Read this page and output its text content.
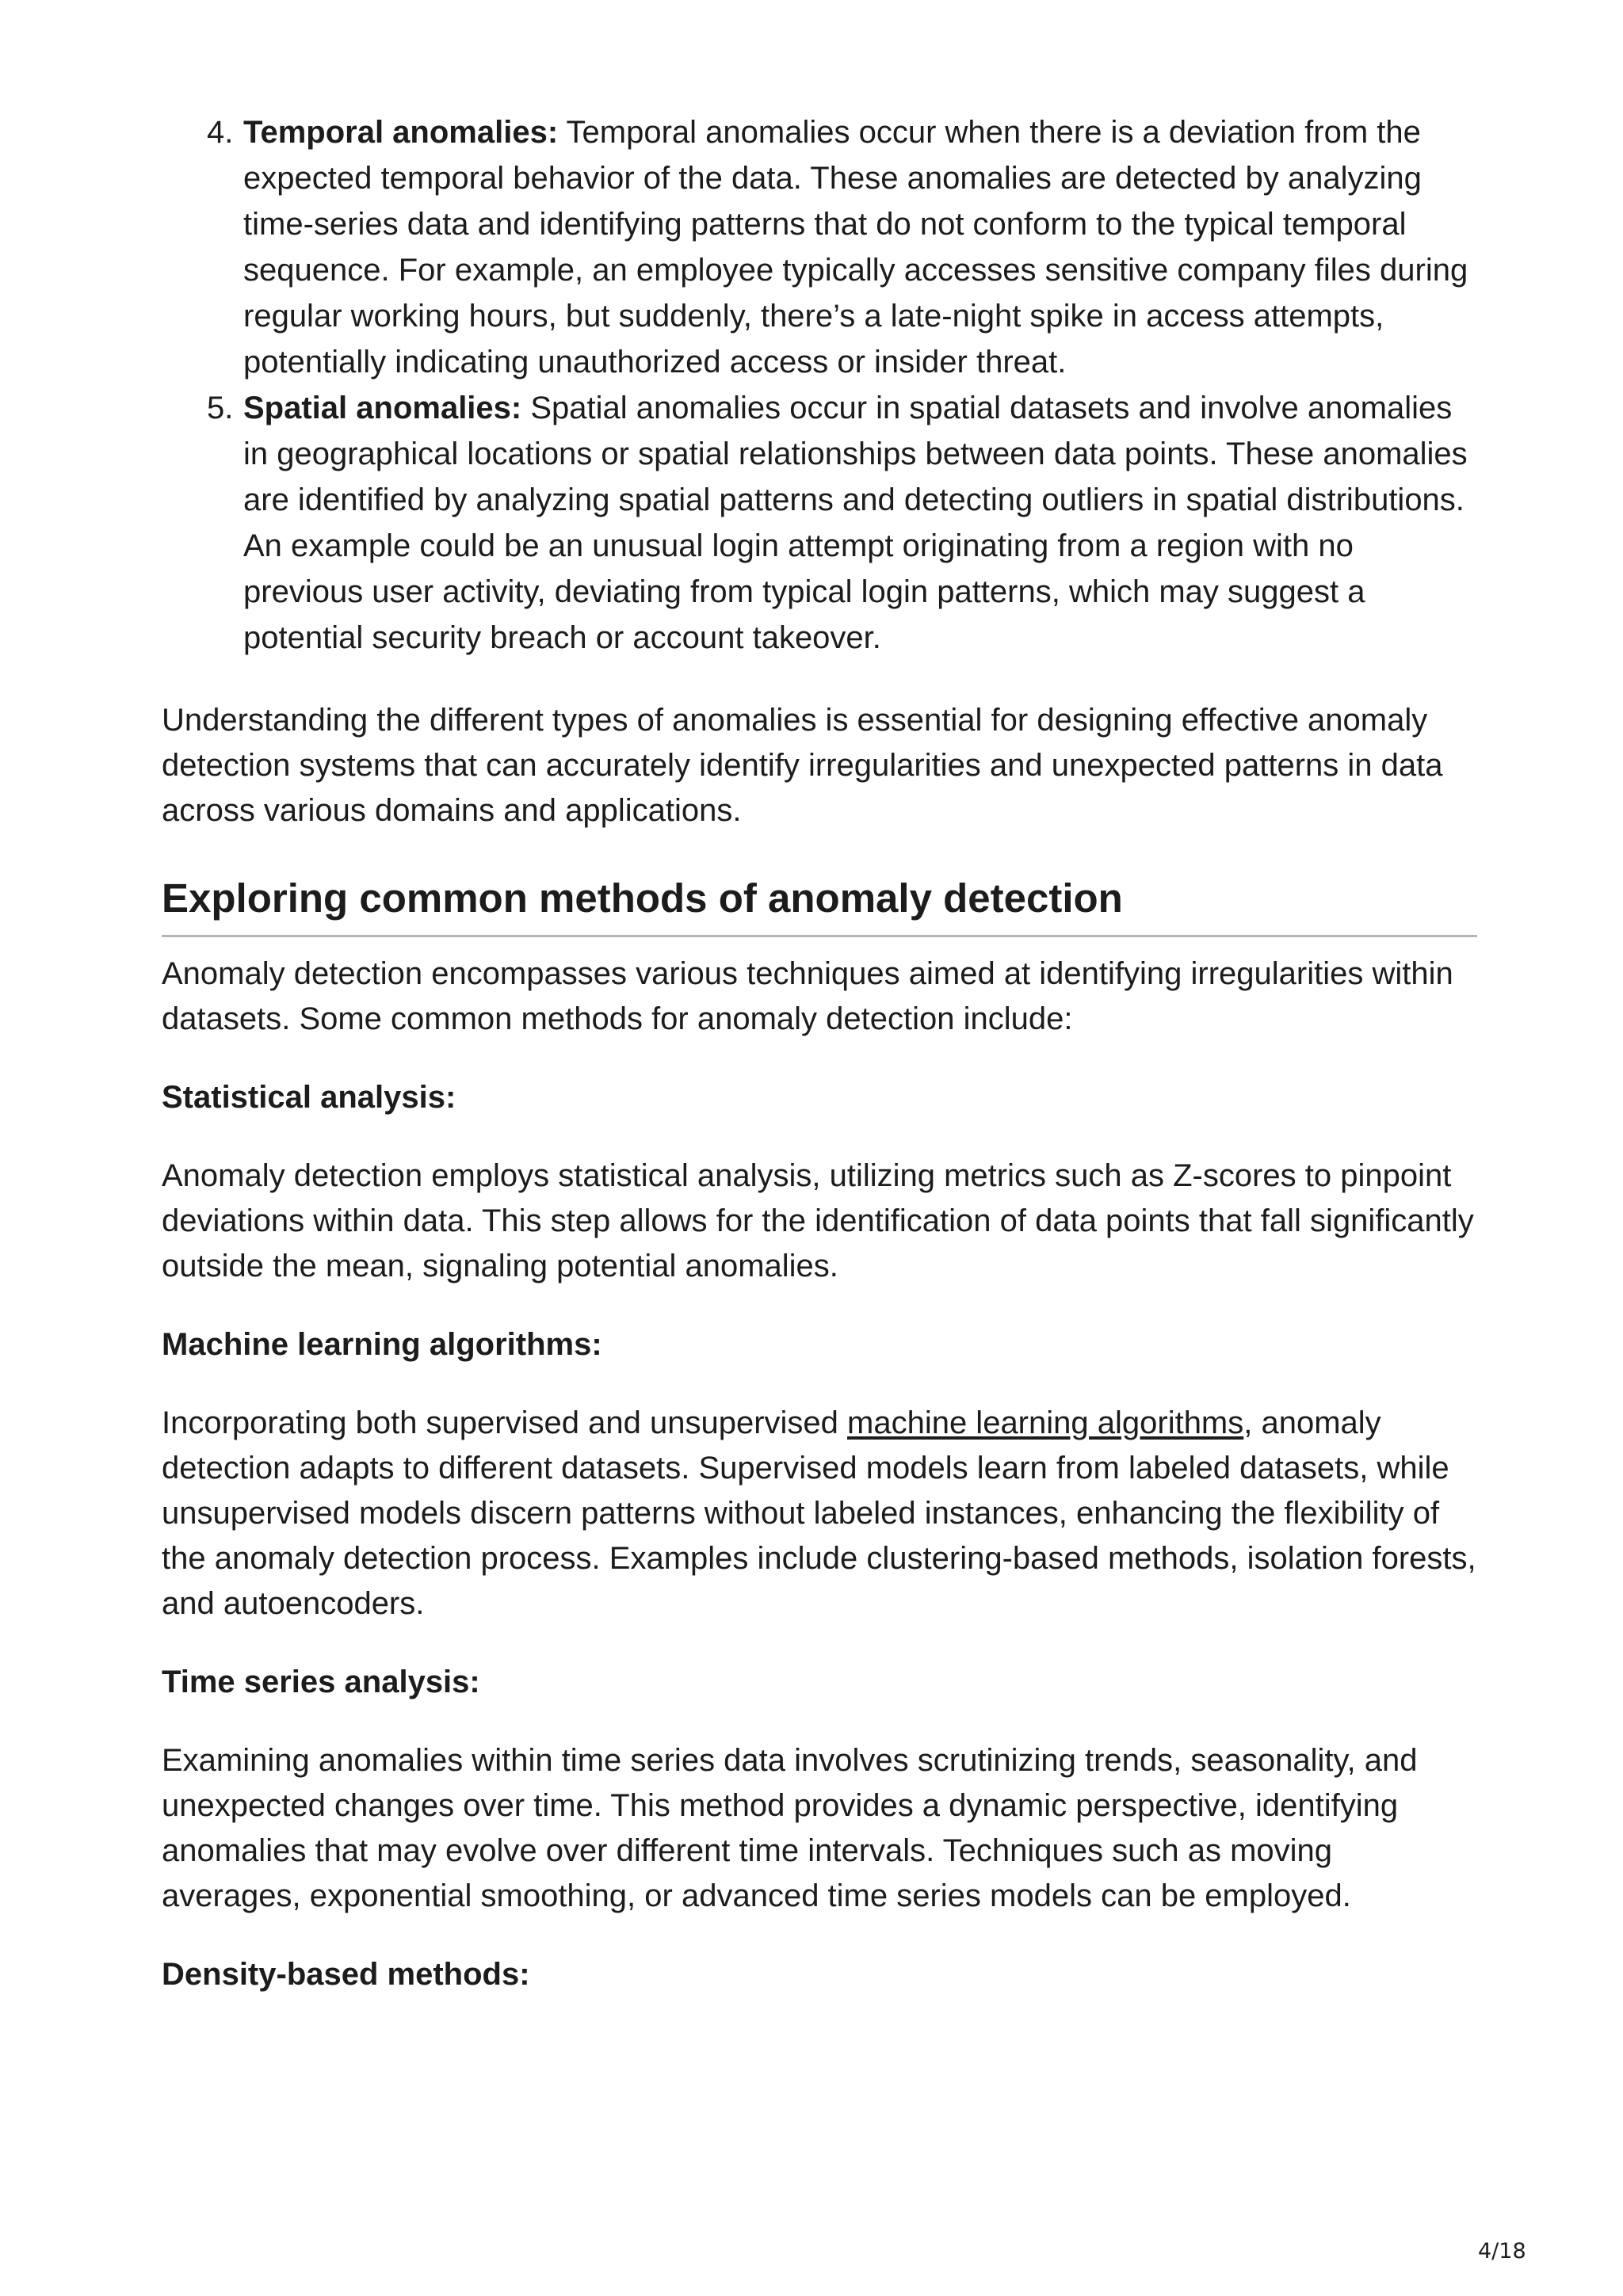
4. Temporal anomalies: Temporal anomalies occur when there is a deviation from the expected temporal behavior of the data. These anomalies are detected by analyzing time-series data and identifying patterns that do not conform to the typical temporal sequence. For example, an employee typically accesses sensitive company files during regular working hours, but suddenly, there’s a late-night spike in access attempts, potentially indicating unauthorized access or insider threat.
5. Spatial anomalies: Spatial anomalies occur in spatial datasets and involve anomalies in geographical locations or spatial relationships between data points. These anomalies are identified by analyzing spatial patterns and detecting outliers in spatial distributions. An example could be an unusual login attempt originating from a region with no previous user activity, deviating from typical login patterns, which may suggest a potential security breach or account takeover.

Understanding the different types of anomalies is essential for designing effective anomaly detection systems that can accurately identify irregularities and unexpected patterns in data across various domains and applications.

Exploring common methods of anomaly detection

Anomaly detection encompasses various techniques aimed at identifying irregularities within datasets. Some common methods for anomaly detection include:

Statistical analysis:

Anomaly detection employs statistical analysis, utilizing metrics such as Z-scores to pinpoint deviations within data. This step allows for the identification of data points that fall significantly outside the mean, signaling potential anomalies.

Machine learning algorithms:

Incorporating both supervised and unsupervised machine learning algorithms, anomaly detection adapts to different datasets. Supervised models learn from labeled datasets, while unsupervised models discern patterns without labeled instances, enhancing the flexibility of the anomaly detection process. Examples include clustering-based methods, isolation forests, and autoencoders.

Time series analysis:

Examining anomalies within time series data involves scrutinizing trends, seasonality, and unexpected changes over time. This method provides a dynamic perspective, identifying anomalies that may evolve over different time intervals. Techniques such as moving averages, exponential smoothing, or advanced time series models can be employed.

Density-based methods:

4/18
